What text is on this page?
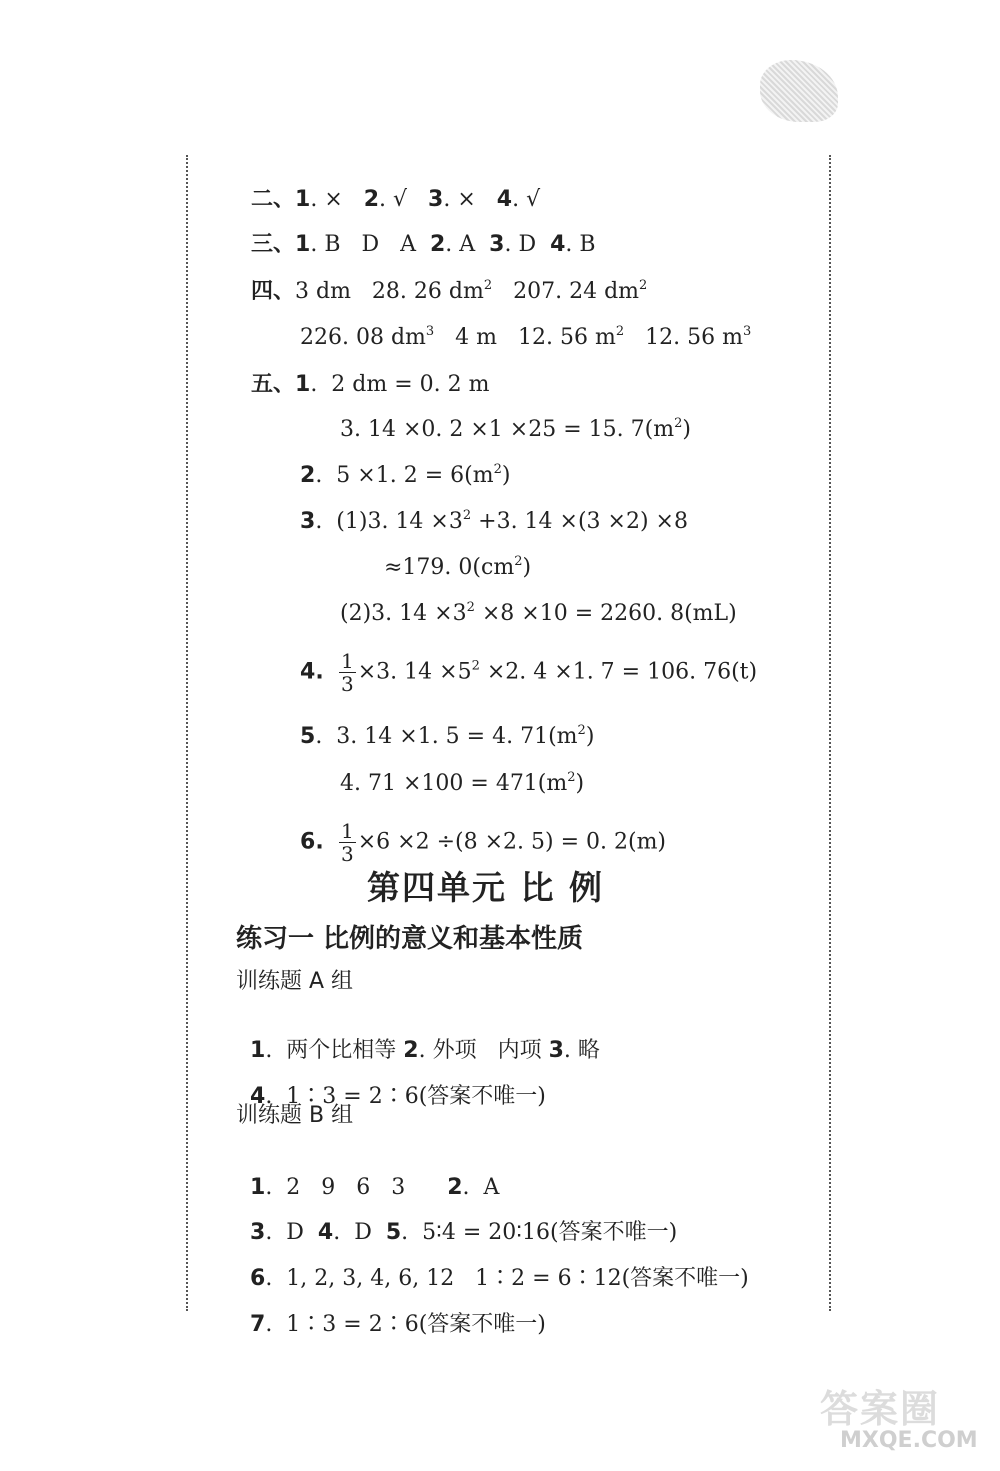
二、1. × 2. √ 3. × 4. √

三、1. B   D   A 2. A 3. D 4. B

四、3 dm   28. 26 $dm^2$   207. 24 $dm^2$

226. 08 $dm^3$   4 m   12. 56 $m^2$   12. 56 $m^3$

五、1.  2 dm = 0. 2 m

3. 14 ×0. 2 ×1 ×25 = 15. $7(m^2)$

2.  5 ×1. $2 = 6(m^2)$

3.  (1)3. $14 \times 3^2 +3$. 14 ×(3 ×2) ×8

≈179. $0(cm^2)$

(2)3. $14 \times 3^2 \times 8 \times 10 = 2260$. 8(mL)

4. $\frac{1}{3} \times 3$. $14 \times 5^2 \times 2$. 4 ×1. 7 = 106. 76(t)

5.  3. 14 ×1. 5 = 4. $71(m^2)$

4. $71 \times 100 = 471(m^2)$

6. $\frac{1}{3} \times 6 \times 2 \div(8 \times 2$. 5) = 0. 2(m)

第四单元 比 例
练习一 比例的意义和基本性质
训练题 A 组

1.  两个比相等 2. 外项   内项 3. 略

4.  1∶3 = 2∶6(答案不唯一)

训练题 B 组

1.  2   9   6   3      2.  A

3.  D  4.  D  5.  5∶4 = 20∶16(答案不唯一)

6.  1, 2, 3, 4, 6, 12   1∶2 = 6∶12(答案不唯一)

7.  1∶3 = 2∶6(答案不唯一)

答案圈
MXQE.COM
